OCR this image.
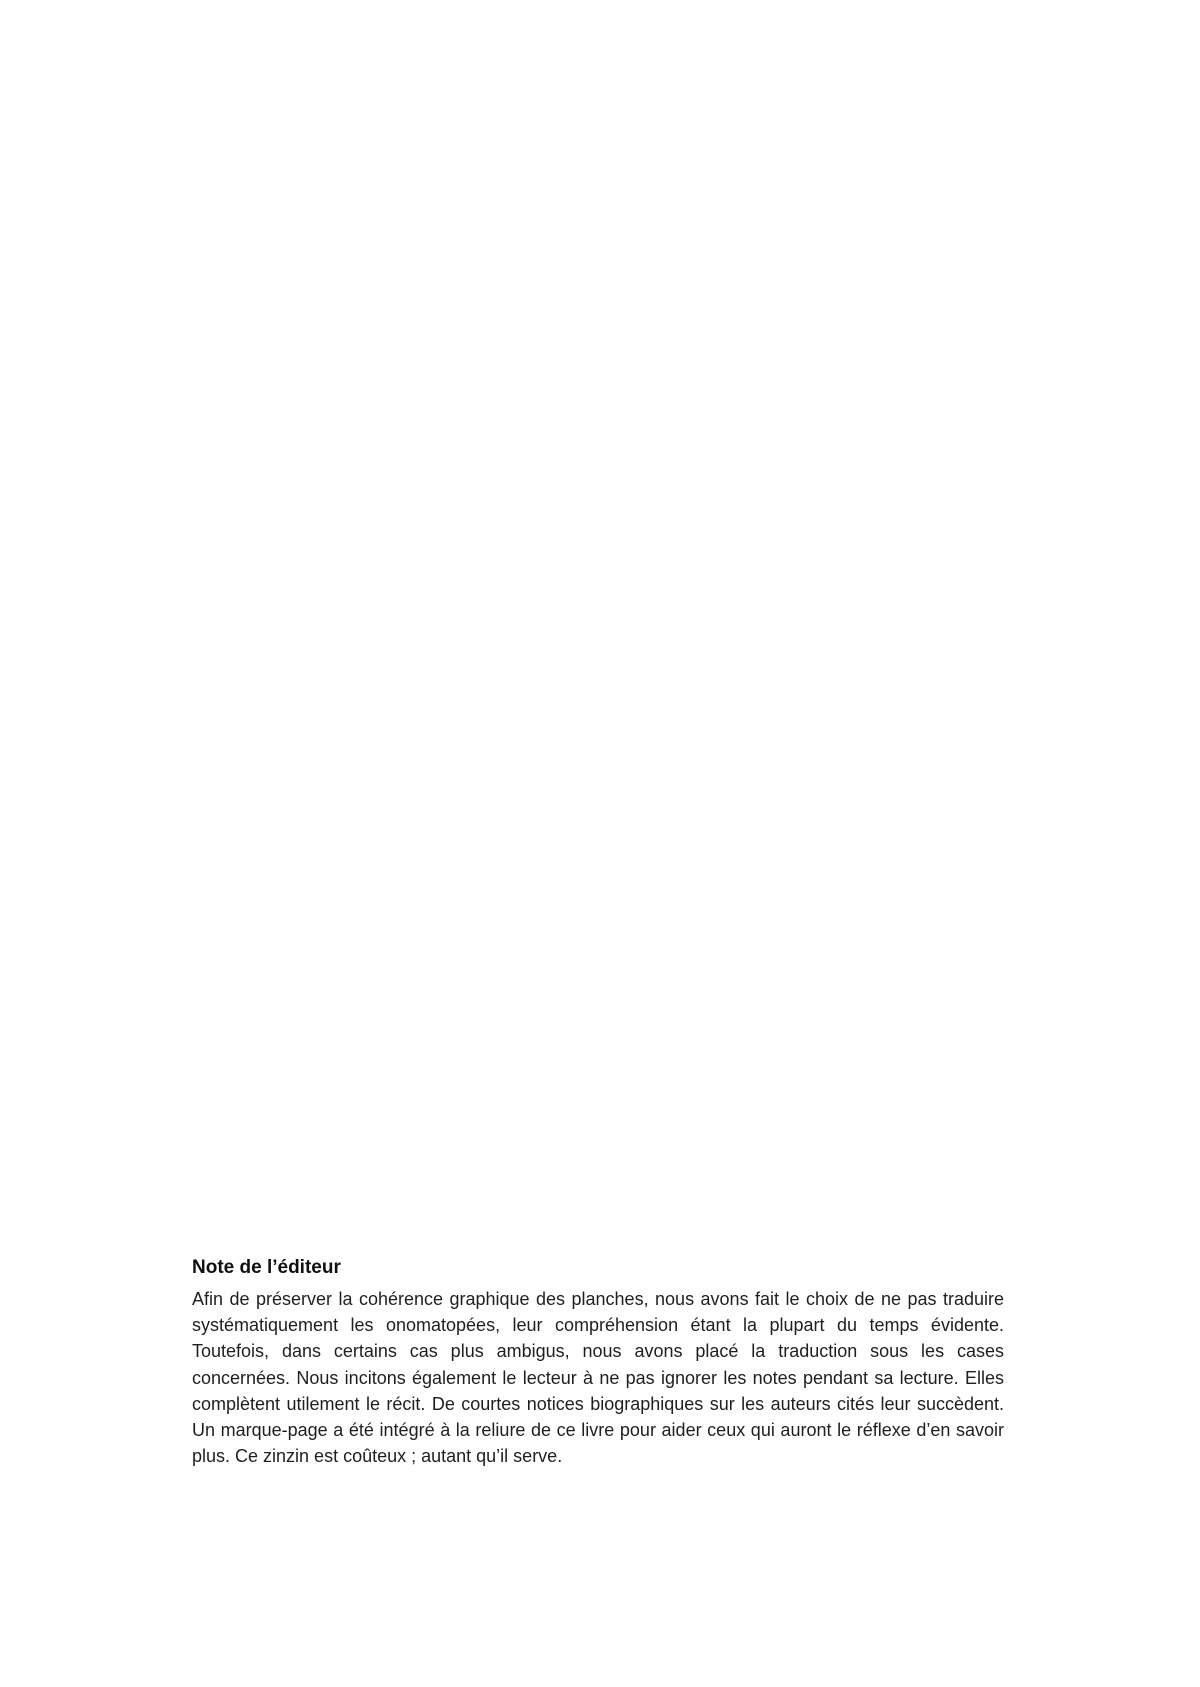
Note de l’éditeur

Afin de préserver la cohérence graphique des planches, nous avons fait le choix de ne pas traduire systématiquement les onomatopées, leur compréhension étant la plupart du temps évidente. Toutefois, dans certains cas plus ambigus, nous avons placé la traduction sous les cases concernées. Nous incitons également le lecteur à ne pas ignorer les notes pendant sa lecture. Elles complètent utilement le récit. De courtes notices biographiques sur les auteurs cités leur succèdent. Un marque-page a été intégré à la reliure de ce livre pour aider ceux qui auront le réflexe d’en savoir plus. Ce zinzin est coûteux ; autant qu’il serve.
